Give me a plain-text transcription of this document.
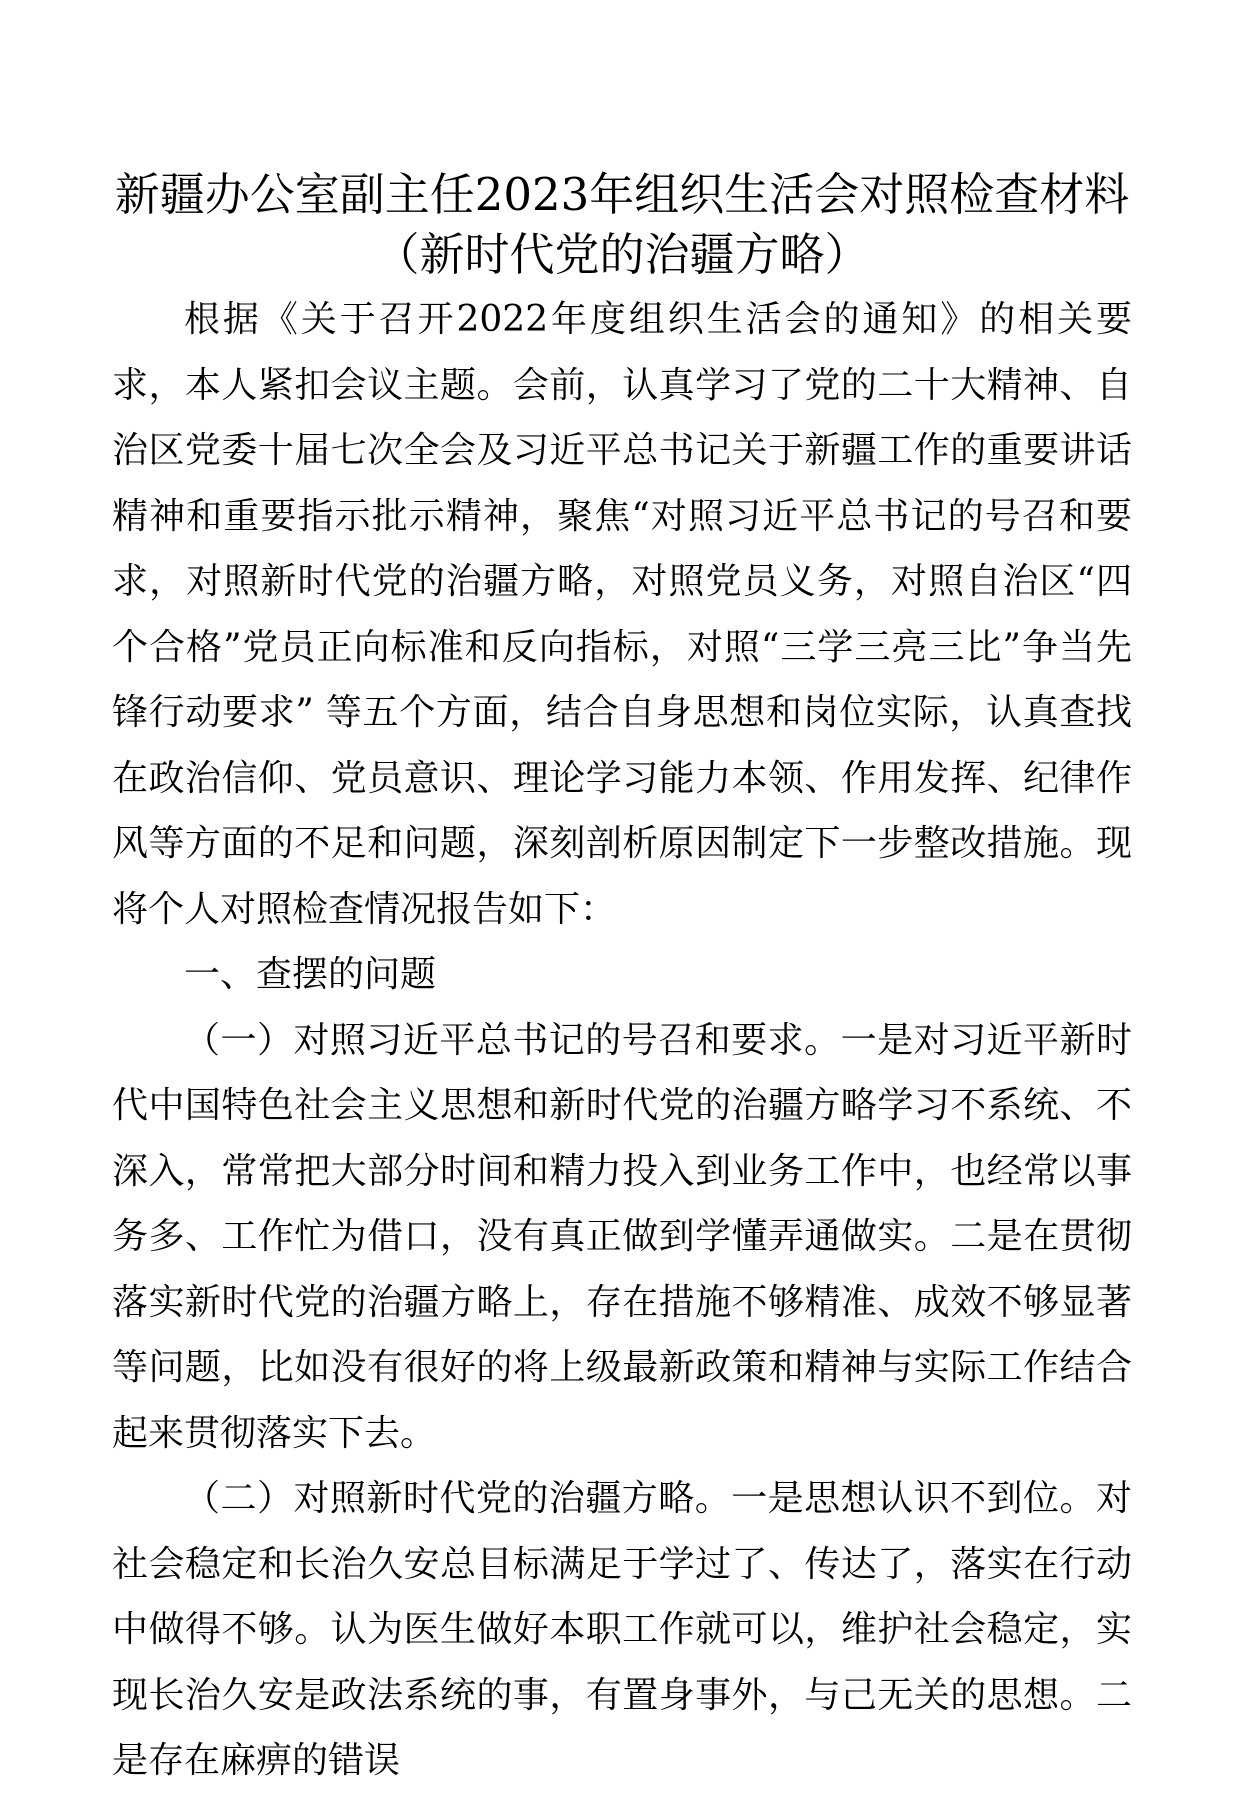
新疆办公室副主任2023年组织生活会对照检查材料（新时代党的治疆方略）

根据《关于召开2022年度组织生活会的通知》的相关要求，本人紧扣会议主题。会前，认真学习了党的二十大精神、自治区党委十届七次全会及习近平总书记关于新疆工作的重要讲话精神和重要指示批示精神，聚焦“对照习近平总书记的号召和要求，对照新时代党的治疆方略，对照党员义务，对照自治区“四个合格”党员正向标准和反向指标，对照“三学三亮三比”争当先锋行动要求” 等五个方面，结合自身思想和岗位实际，认真查找在政治信仰、党员意识、理论学习能力本领、作用发挥、纪律作风等方面的不足和问题，深刻剖析原因制定下一步整改措施。现将个人对照检查情况报告如下：

一、查摆的问题

（一）对照习近平总书记的号召和要求。一是对习近平新时代中国特色社会主义思想和新时代党的治疆方略学习不系统、不深入，常常把大部分时间和精力投入到业务工作中，也经常以事务多、工作忙为借口，没有真正做到学懂弄通做实。二是在贯彻落实新时代党的治疆方略上，存在措施不够精准、成效不够显著等问题，比如没有很好的将上级最新政策和精神与实际工作结合起来贯彻落实下去。

（二）对照新时代党的治疆方略。一是思想认识不到位。对社会稳定和长治久安总目标满足于学过了、传达了，落实在行动中做得不够。认为医生做好本职工作就可以，维护社会稳定，实现长治久安是政法系统的事，有置身事外，与己无关的思想。二是存在麻痹的错误
